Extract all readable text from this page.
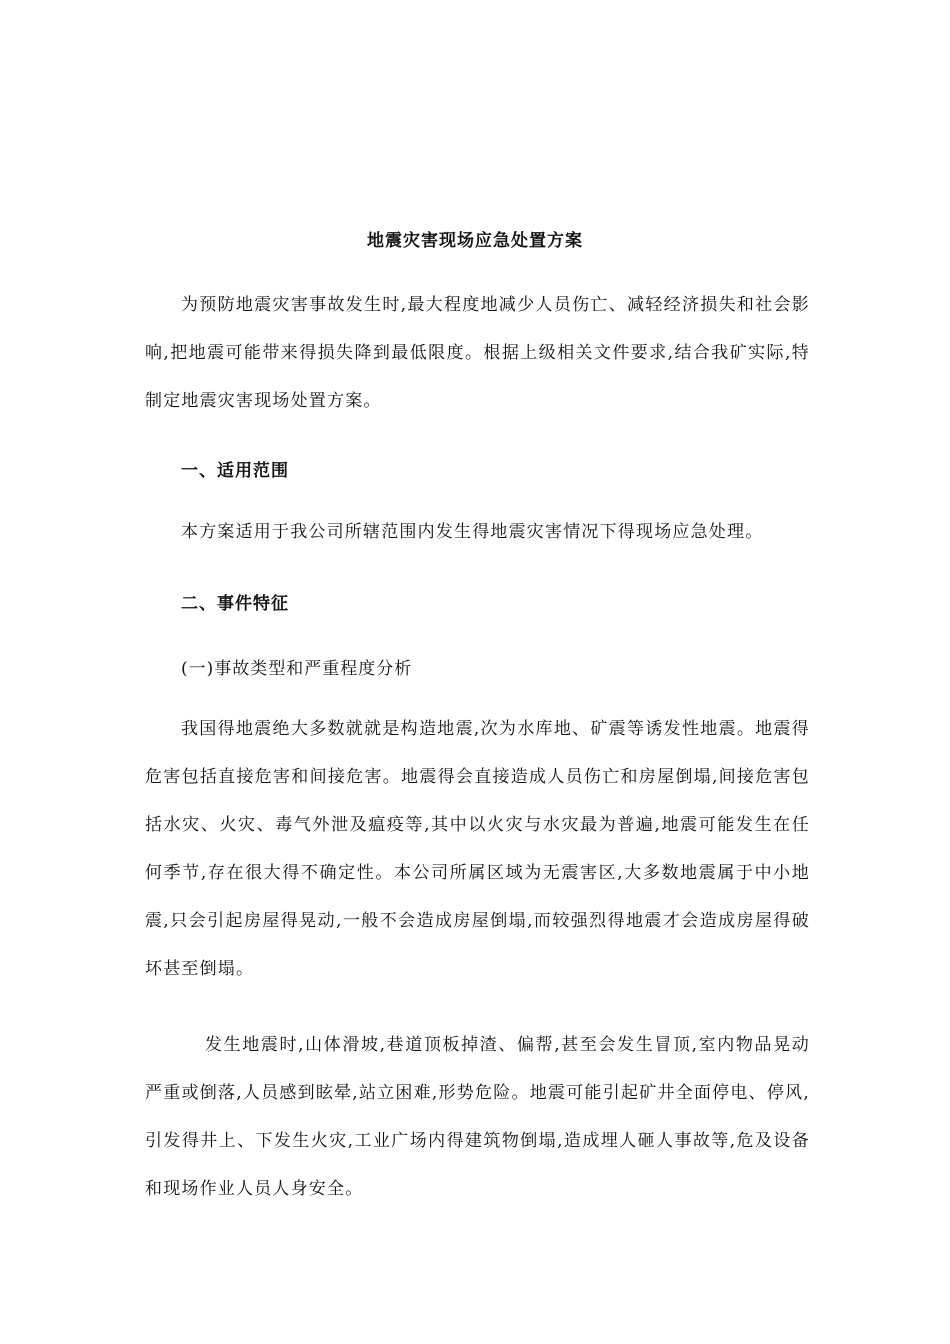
地震灾害现场应急处置方案
为预防地震灾害事故发生时,最大程度地减少人员伤亡、减轻经济损失和社会影响,把地震可能带来得损失降到最低限度。根据上级相关文件要求,结合我矿实际,特制定地震灾害现场处置方案。
一、适用范围
本方案适用于我公司所辖范围内发生得地震灾害情况下得现场应急处理。
二、事件特征
(一)事故类型和严重程度分析
我国得地震绝大多数就就是构造地震,次为水库地、矿震等诱发性地震。地震得危害包括直接危害和间接危害。地震得会直接造成人员伤亡和房屋倒塌,间接危害包括水灾、火灾、毒气外泄及瘟疫等,其中以火灾与水灾最为普遍,地震可能发生在任何季节,存在很大得不确定性。本公司所属区域为无震害区,大多数地震属于中小地震,只会引起房屋得晃动,一般不会造成房屋倒塌,而较强烈得地震才会造成房屋得破坏甚至倒塌。
发生地震时,山体滑坡,巷道顶板掉渣、偏帮,甚至会发生冒顶,室内物品晃动严重或倒落,人员感到眩晕,站立困难,形势危险。地震可能引起矿井全面停电、停风,引发得井上、下发生火灾,工业广场内得建筑物倒塌,造成埋人砸人事故等,危及设备和现场作业人员人身安全。
